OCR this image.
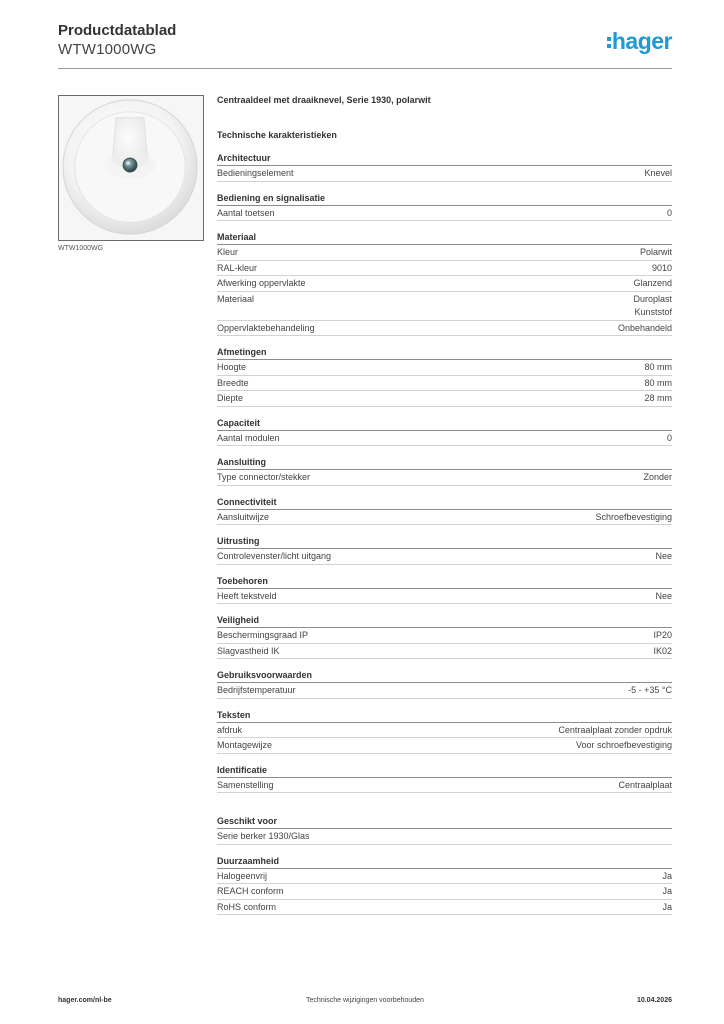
Productdatablad
WTW1000WG	hager
WTW1000WG
Centraaldeel met draaiknevel, Serie 1930, polarwit
Technische karakteristieken
Architectuur
Bedieningselement	Knevel
Bediening en signalisatie
Aantal toetsen	0
Materiaal
Kleur	Polarwit
RAL-kleur	9010
Afwerking oppervlakte	Glanzend
Materiaal	Duroplast
Kunststof
Oppervlaktebehandeling	Onbehandeld
Afmetingen
Hoogte	80 mm
Breedte	80 mm
Diepte	28 mm
Capaciteit
Aantal modulen	0
Aansluiting
Type connector/stekker	Zonder
Connectiviteit
Aansluitwijze	Schroefbevestiging
Uitrusting
Controlevenster/licht uitgang	Nee
Toebehoren
Heeft tekstveld	Nee
Veiligheid
Beschermingsgraad IP	IP20
Slagvastheid IK	IK02
Gebruiksvoorwaarden
Bedrijfstemperatuur	-5 - +35 °C
Teksten
afdruk	Centraalplaat zonder opdruk
Montagewijze	Voor schroefbevestiging
Identificatie
Samenstelling	Centraalplaat
Geschikt voor
Serie berker 1930/Glas
Duurzaamheid
Halogeenvrij	Ja
REACH conform	Ja
RoHS conform	Ja
hager.com/nl-be	Technische wijzigingen voorbehouden	10.04.2026
